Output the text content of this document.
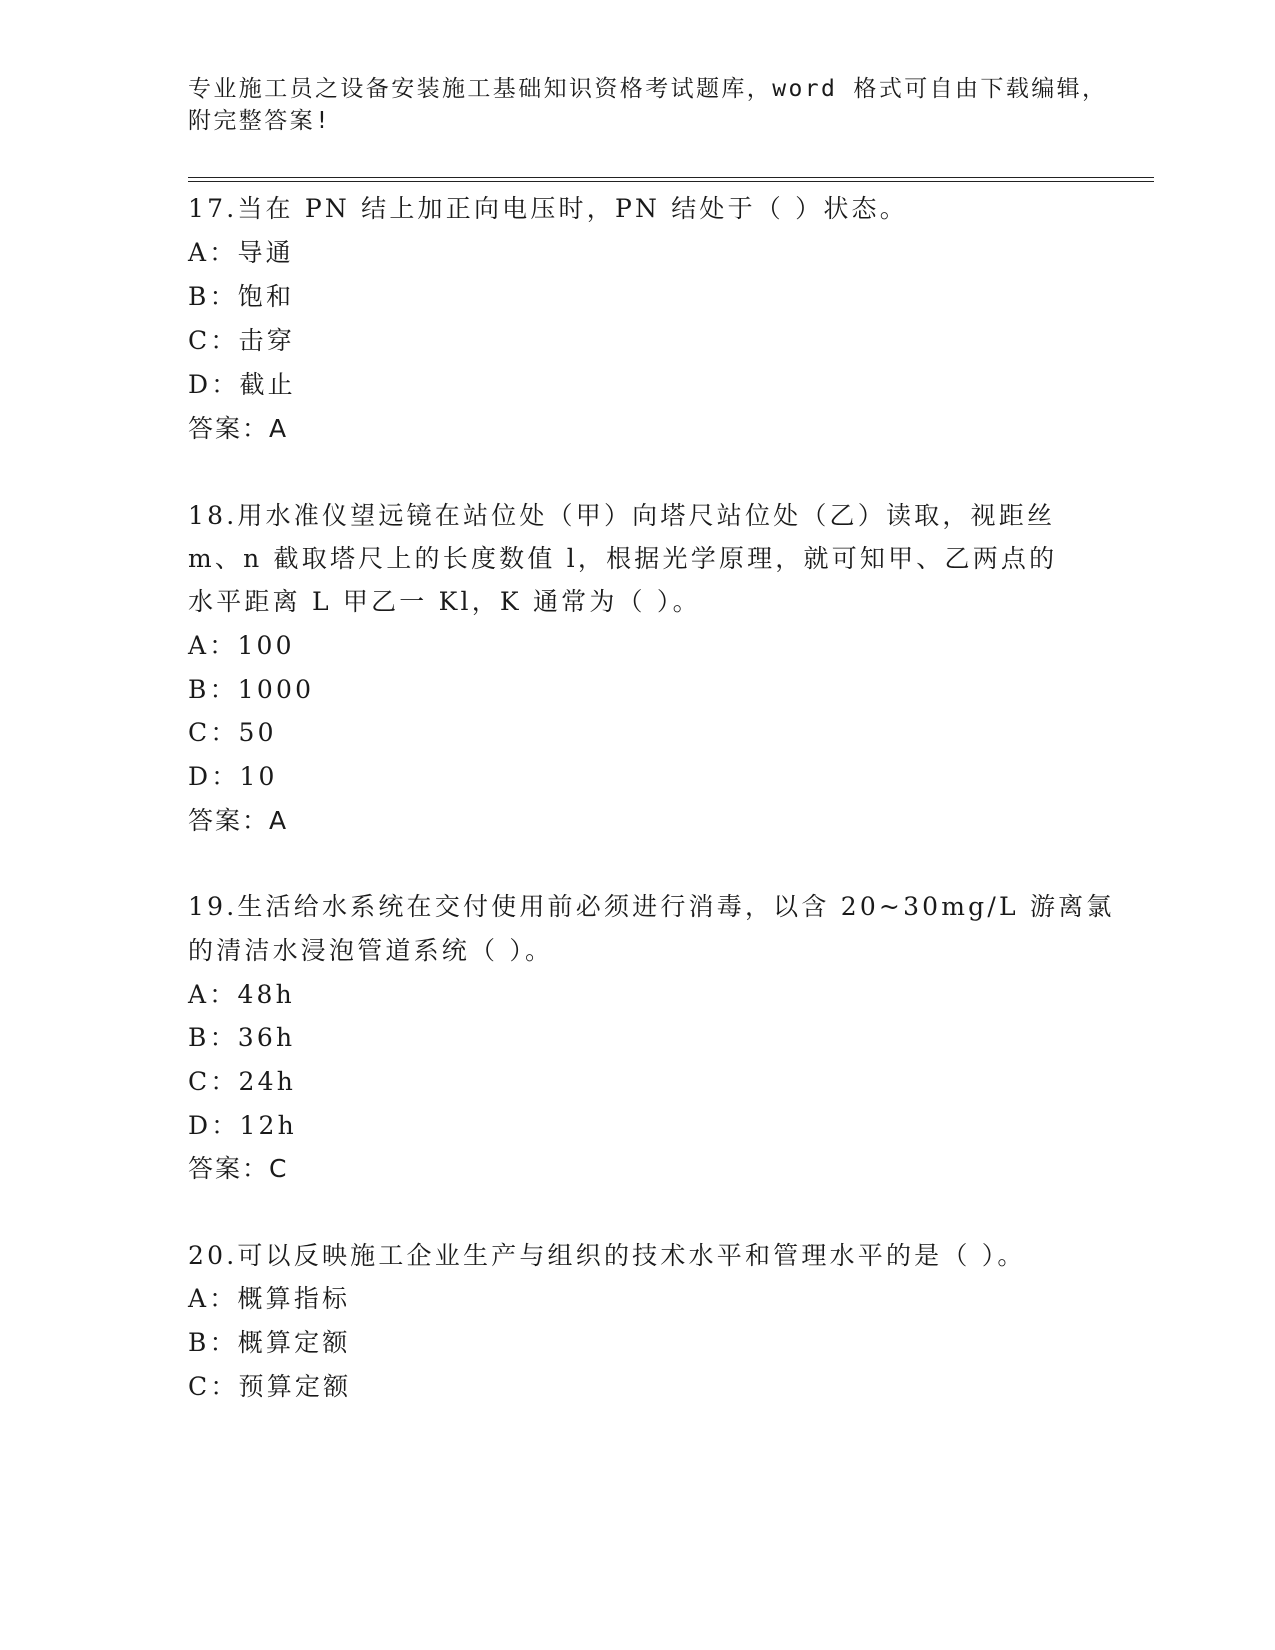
专业施工员之设备安装施工基础知识资格考试题库，word 格式可自由下载编辑，
附完整答案!
17.当在 PN 结上加正向电压时，PN 结处于（ ）状态。
A：导通
B：饱和
C：击穿
D：截止
答案：A
18.用水准仪望远镜在站位处（甲）向塔尺站位处（乙）读取，视距丝
m、n 截取塔尺上的长度数值 l，根据光学原理，就可知甲、乙两点的
水平距离 L 甲乙一 Kl，K 通常为（ ）。
A：100
B：1000
C：50
D：10
答案：A
19.生活给水系统在交付使用前必须进行消毒，以含 20~30mg/L 游离氯
的清洁水浸泡管道系统（ ）。
A：48h
B：36h
C：24h
D：12h
答案：C
20.可以反映施工企业生产与组织的技术水平和管理水平的是（ ）。
A：概算指标
B：概算定额
C：预算定额
